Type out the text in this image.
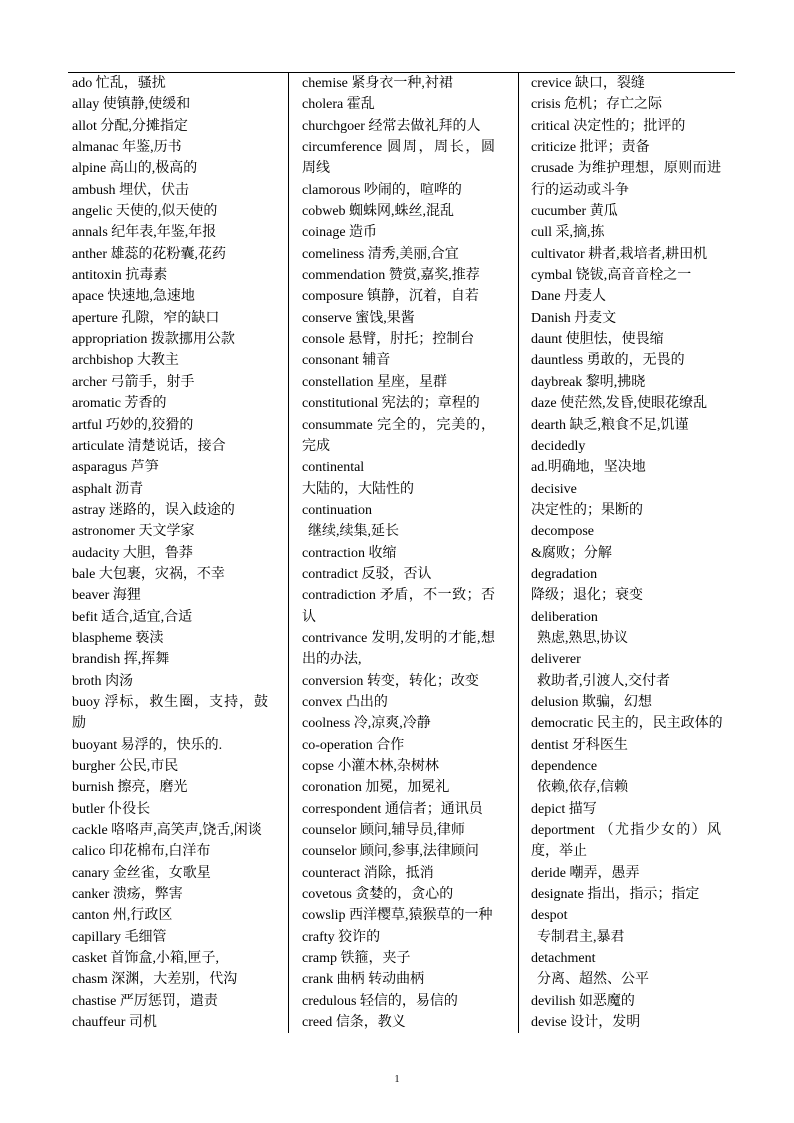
ado 忙乱，骚扰
allay 使镇静,使缓和
allot 分配,分摊指定
almanac 年鉴,历书
alpine 高山的,极高的
ambush 埋伏，伏击
angelic 天使的,似天使的
annals 纪年表,年鉴,年报
anther 雄蕊的花粉囊,花药
antitoxin 抗毒素
apace 快速地,急速地
aperture 孔隙，窄的缺口
appropriation 拨款挪用公款
archbishop 大教主
archer 弓箭手，射手
aromatic 芳香的
artful 巧妙的,狡猾的
articulate 清楚说话，接合
asparagus 芦笋
asphalt 沥青
astray 迷路的，误入歧途的
astronomer 天文学家
audacity 大胆，鲁莽
bale 大包裹，灾祸，不幸
beaver 海狸
befit 适合,适宜,合适
blaspheme 亵渎
brandish 挥,挥舞
broth 肉汤
buoy 浮标，救生圈，支持，鼓励
buoyant 易浮的，快乐的.
burgher 公民,市民
burnish 擦亮，磨光
butler 仆役长
cackle 咯咯声,高笑声,饶舌,闲谈
calico 印花棉布,白洋布
canary 金丝雀，女歌星
canker 溃疡，弊害
canton 州,行政区
capillary 毛细管
casket 首饰盒,小箱,匣子,
chasm 深渊，大差别，代沟
chastise 严厉惩罚，遣责
chauffeur 司机
chemise 紧身衣一种,衬裙
cholera 霍乱
churchgoer 经常去做礼拜的人
circumference 圆周，周长，圆周线
clamorous 吵闹的，喧哗的
cobweb 蜘蛛网,蛛丝,混乱
coinage 造币
comeliness 清秀,美丽,合宜
commendation 赞赏,嘉奖,推荐
composure 镇静，沉着，自若
conserve 蜜饯,果酱
console 悬臂，肘托；控制台
consonant 辅音
constellation 星座，星群
constitutional 宪法的；章程的
consummate 完全的，完美的，完成
continental
大陆的，大陆性的
continuation
继续,续集,延长
contraction 收缩
contradict 反驳，否认
contradiction 矛盾，不一致；否认
contrivance 发明,发明的才能,想出的办法,
conversion 转变，转化；改变
convex 凸出的
coolness 冷,凉爽,冷静
co-operation 合作
copse 小灌木林,杂树林
coronation 加冕，加冕礼
correspondent 通信者；通讯员
counselor 顾问,辅导员,律师
counselor 顾问,参事,法律顾问
counteract 消除，抵消
covetous 贪婪的，贪心的
cowslip 西洋樱草,猿猴草的一种
crafty 狡诈的
cramp 铁箍，夹子
crank 曲柄 转动曲柄
credulous 轻信的，易信的
creed 信条，教义
crevice 缺口，裂缝
crisis 危机；存亡之际
critical 决定性的；批评的
criticize 批评；责备
crusade 为维护理想，原则而进行的运动或斗争
cucumber 黄瓜
cull 采,摘,拣
cultivator 耕者,栽培者,耕田机
cymbal 铙钹,高音音栓之一
Dane 丹麦人
Danish 丹麦文
daunt 使胆怯，使畏缩
dauntless 勇敢的，无畏的
daybreak 黎明,拂晓
daze 使茫然,发昏,使眼花缭乱
dearth 缺乏,粮食不足,饥谨
decidedly
ad.明确地，坚决地
decisive
决定性的；果断的
decompose
&腐败；分解
degradation
降级；退化；衰变
deliberation
熟虑,熟思,协议
deliverer
救助者,引渡人,交付者
delusion 欺骗，幻想
democratic 民主的，民主政体的
dentist 牙科医生
dependence
依赖,依存,信赖
depict 描写
deportment （尤指少女的）风度，举止
deride 嘲弄，愚弄
designate 指出，指示；指定
despot
专制君主,暴君
detachment
分离、超然、公平
devilish 如恶魔的
devise 设计，发明
1
